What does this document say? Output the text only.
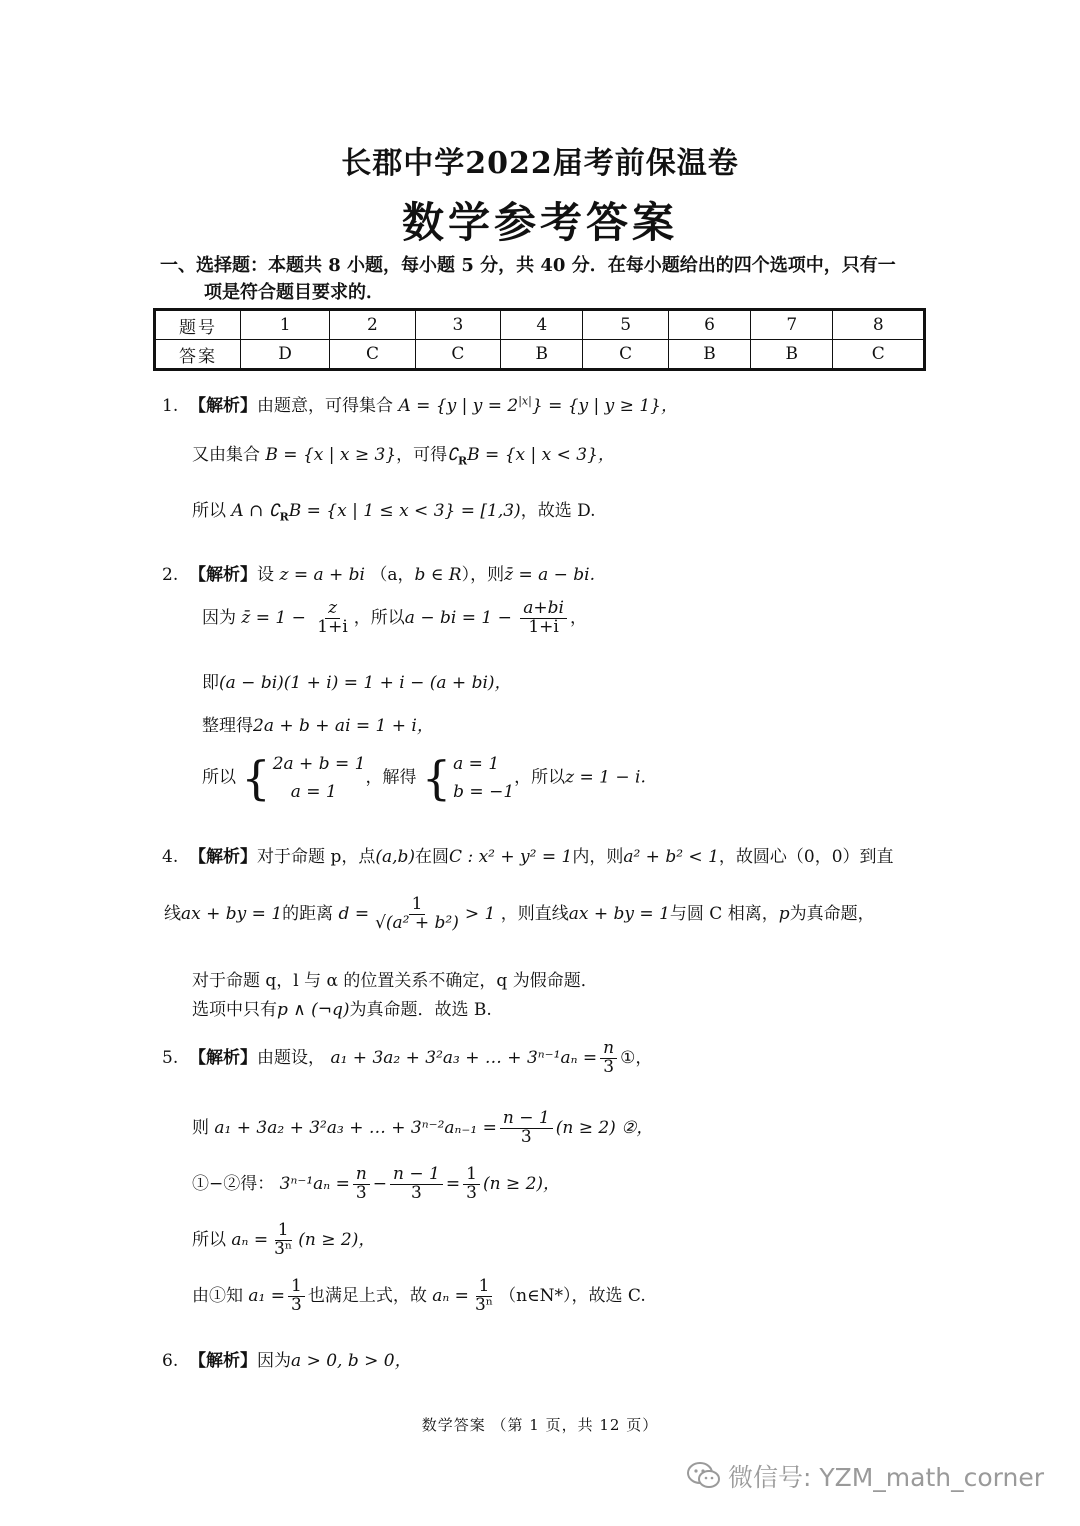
长郡中学2022届考前保温卷
数学参考答案
一、选择题：本题共 8 小题，每小题 5 分，共 40 分．在每小题给出的四个选项中，只有一
项是符合题目要求的．
题号	1	2	3	4	5	6	7	8
答案	D	C	C	B	C	B	B	C
1. 【解析】由题意，可得集合 A = {y | $y = 2^{|x|}\} = \{y$ | y ≥ 1}，
又由集合 B = {x | x ≥ 3}，可得$∁_RB = \{x$ | x < 3}，
所以 A ∩ $∁_RB = \{x$ | 1 ≤ x < 3} = [1,3)，故选 D.
2. 【解析】设 z = a + bi （a，b ∈ R），则z̄ = a − bi.
因为 z̄ = $1 - \frac{z}{1+i}$ ，所以a − bi = $1 - \frac{a+bi}{1+i}$ ，
即(a − bi)(1 + i) = 1 + i − (a + bi)，
整理得2a + b + ai = 1 + i，
所以 { 2a + b = 1
a = 1
，解得 { a = 1
b = −1
，所以z = 1 − i.
4. 【解析】对于命题 p，点(a,b)在圆C : x² + y² = 1内，则a² + b² < 1，故圆心（0，0）到直
线ax + by = 1的距离 $d = \frac{1}{\text{√(a² + b²)}} > 1$ ，则直线ax + by = 1与圆 C 相离，p为真命题，
对于命题 q，l 与 α 的位置关系不确定，q 为假命题．
选项中只有p ∧ (¬q)为真命题．故选 B.
5. 【解析】由题设， a₁ + 3a₂ + 3²a₃ + … + $3^{n-1}a_n = \frac{n}{3}$ ①，
则 a₁ + 3a₂ + 3²a₃ + … + $3^{n-2}a_{n-1} = \frac{n - 1}{3} (n \ge 2)$ ②，
①−②得： $3^{n-1}a_n = \frac{n}{3} - \frac{n - 1}{3} = \frac{1}{3} (n \ge 2)$，
所以 $a_n = \frac{1}{\text{3ⁿ}} (n \ge 2)$，
由①知 $a_1 = \frac{1}{3}$ 也满足上式，故 $a_n = \frac{1}{\text{3ⁿ}}$ （n∈N*），故选 C.
6. 【解析】因为a > 0, b > 0，
数学答案 （第 1 页，共 12 页）
微信号: YZM_math_corner
